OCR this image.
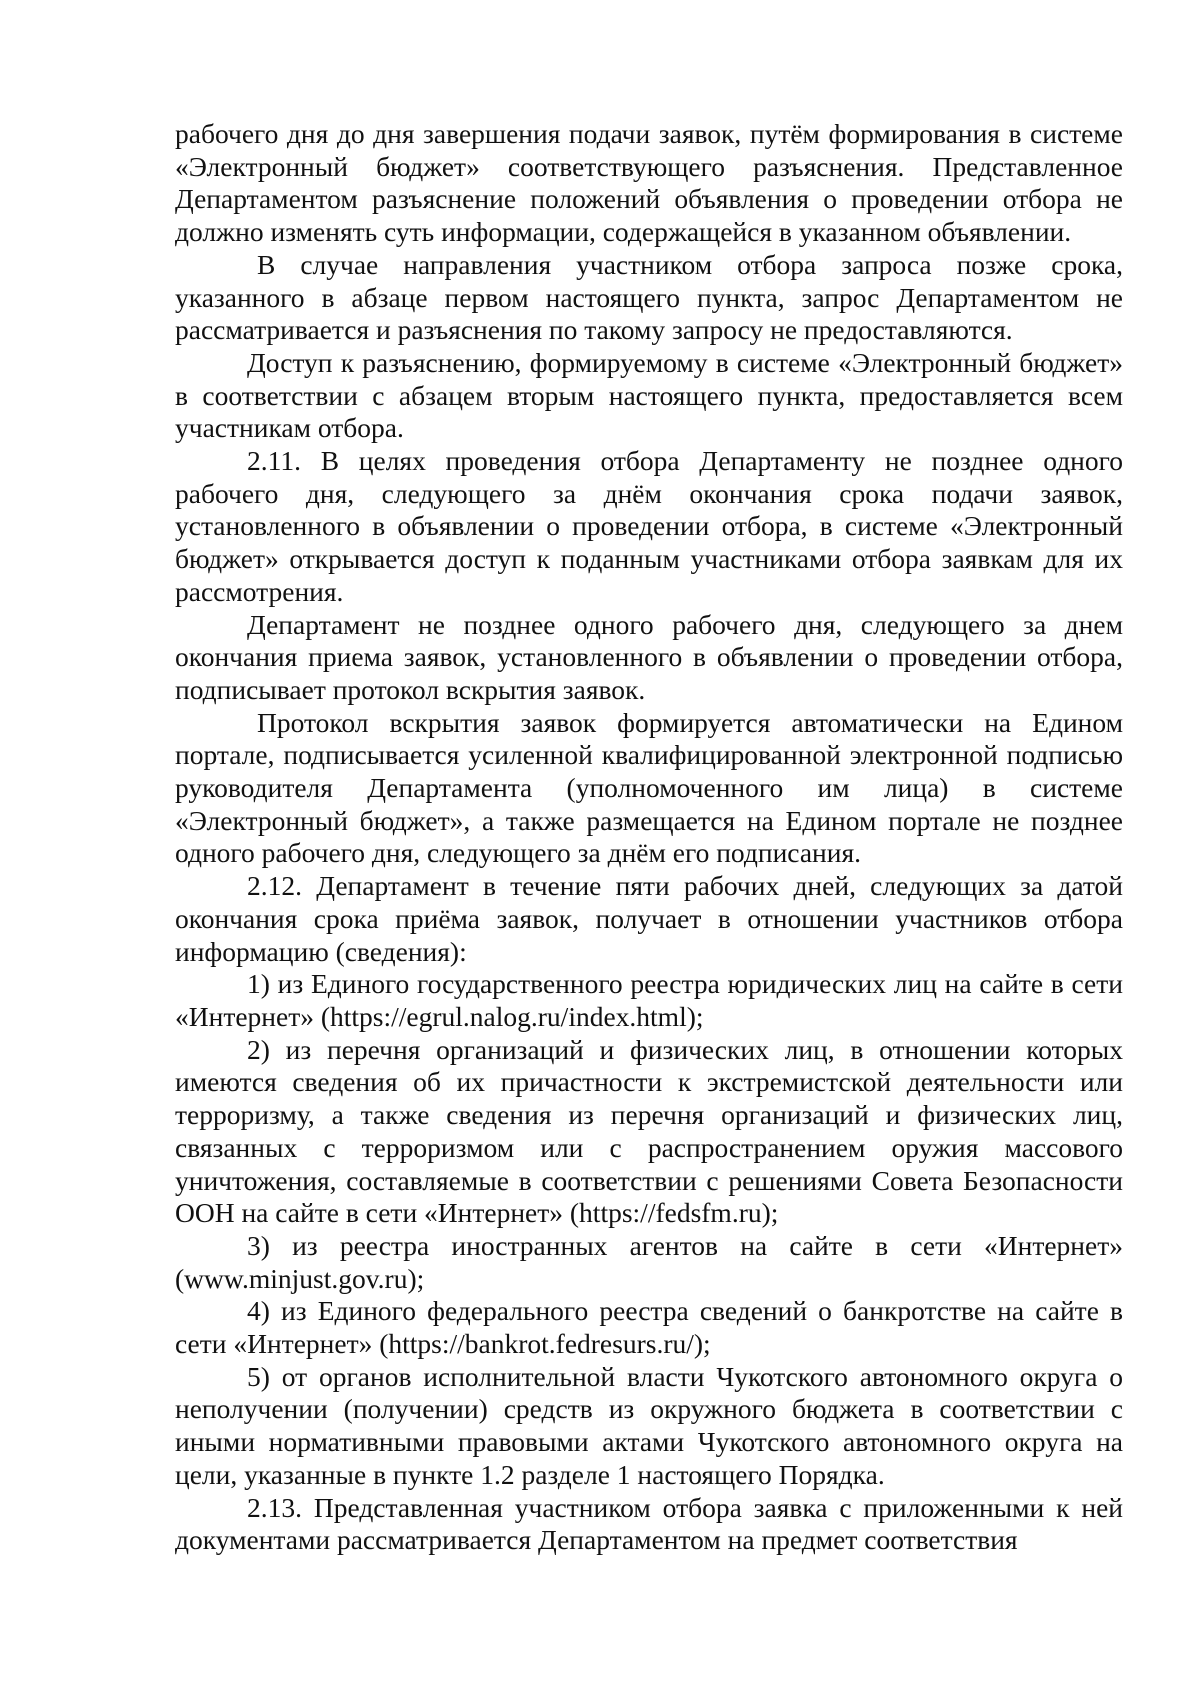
рабочего дня до дня завершения подачи заявок, путём формирования в системе «Электронный бюджет» соответствующего разъяснения. Представленное Департаментом разъяснение положений объявления о проведении отбора не должно изменять суть информации, содержащейся в указанном объявлении.

В случае направления участником отбора запроса позже срока, указанного в абзаце первом настоящего пункта, запрос Департаментом не рассматривается и разъяснения по такому запросу не предоставляются.

Доступ к разъяснению, формируемому в системе «Электронный бюджет» в соответствии с абзацем вторым настоящего пункта, предоставляется всем участникам отбора.

2.11. В целях проведения отбора Департаменту не позднее одного рабочего дня, следующего за днём окончания срока подачи заявок, установленного в объявлении о проведении отбора, в системе «Электронный бюджет» открывается доступ к поданным участниками отбора заявкам для их рассмотрения.

Департамент не позднее одного рабочего дня, следующего за днем окончания приема заявок, установленного в объявлении о проведении отбора, подписывает протокол вскрытия заявок.

Протокол вскрытия заявок формируется автоматически на Едином портале, подписывается усиленной квалифицированной электронной подписью руководителя Департамента (уполномоченного им лица) в системе «Электронный бюджет», а также размещается на Едином портале не позднее одного рабочего дня, следующего за днём его подписания.

2.12. Департамент в течение пяти рабочих дней, следующих за датой окончания срока приёма заявок, получает в отношении участников отбора информацию (сведения):

1) из Единого государственного реестра юридических лиц на сайте в сети «Интернет» (https://egrul.nalog.ru/index.html);

2) из перечня организаций и физических лиц, в отношении которых имеются сведения об их причастности к экстремистской деятельности или терроризму, а также сведения из перечня организаций и физических лиц, связанных с терроризмом или с распространением оружия массового уничтожения, составляемые в соответствии с решениями Совета Безопасности ООН на сайте в сети «Интернет» (https://fedsfm.ru);

3) из реестра иностранных агентов на сайте в сети «Интернет» (www.minjust.gov.ru);

4) из Единого федерального реестра сведений о банкротстве на сайте в сети «Интернет» (https://bankrot.fedresurs.ru/);

5) от органов исполнительной власти Чукотского автономного округа о неполучении (получении) средств из окружного бюджета в соответствии с иными нормативными правовыми актами Чукотского автономного округа на цели, указанные в пункте 1.2 разделе 1 настоящего Порядка.

2.13. Представленная участником отбора заявка с приложенными к ней документами рассматривается Департаментом на предмет соответствия
